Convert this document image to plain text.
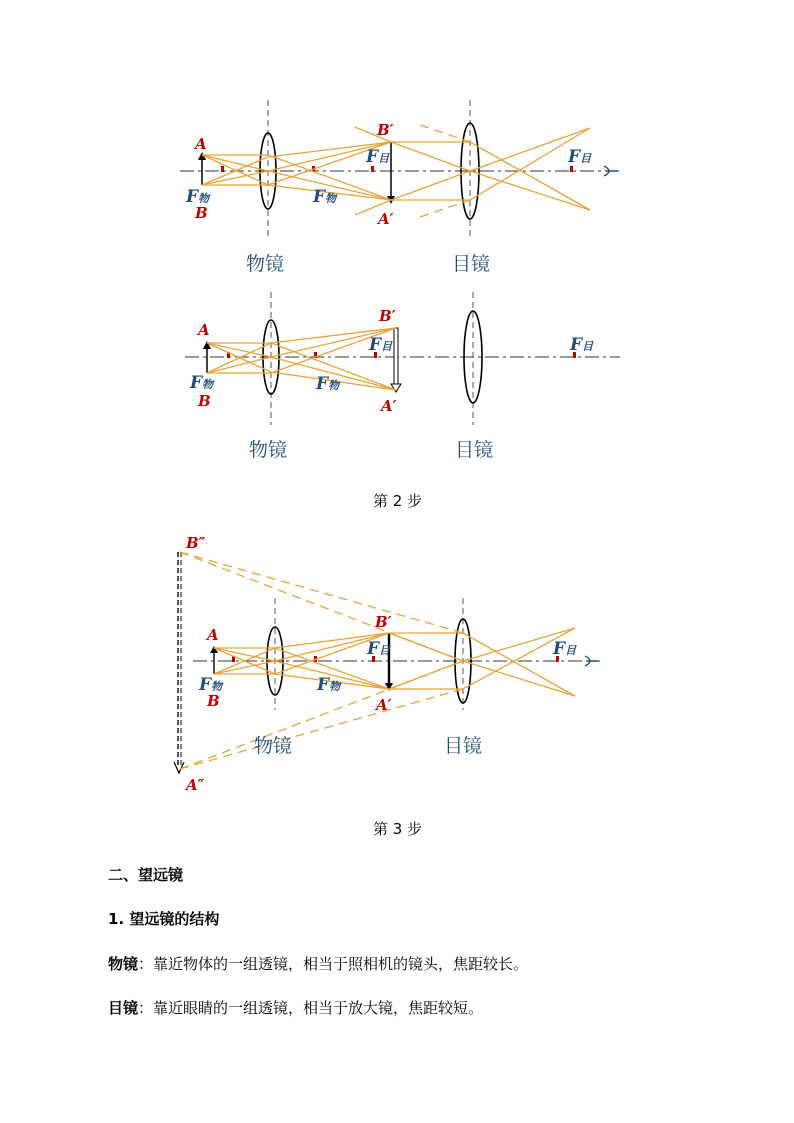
A
B
B′
A′
F物	F物
F目	F目
物镜	目镜
A
B
B′
A′
F物	F物
F目	F目
物镜	目镜
B″
A″
A
B
B′
A′
F物	F物
F目	F目
物镜	目镜
第 2 步
第 3 步
二、望远镜
1. 望远镜的结构
物镜：靠近物体的一组透镜，相当于照相机的镜头，焦距较长。
目镜：靠近眼睛的一组透镜，相当于放大镜，焦距较短。
